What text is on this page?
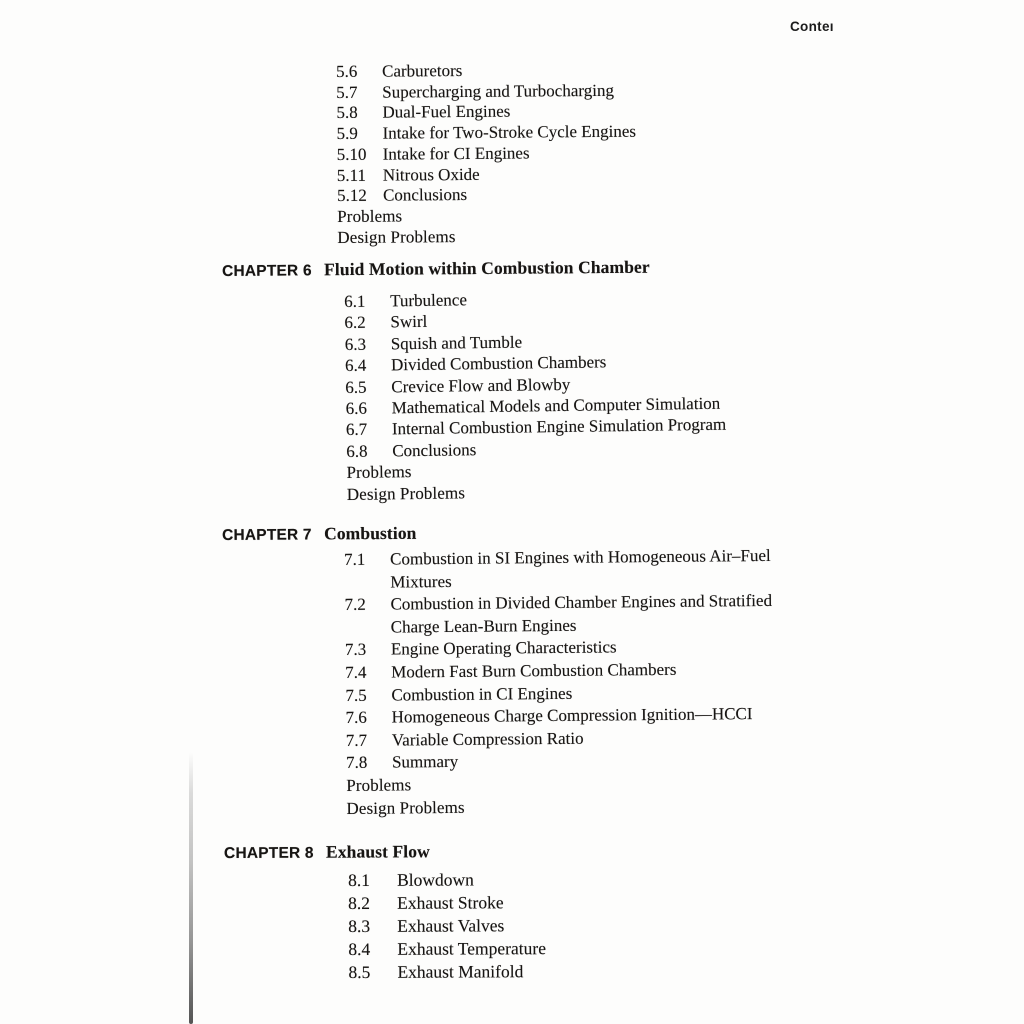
Conteı
5.6	Carburetors
5.7	Supercharging and Turbocharging
5.8	Dual-Fuel Engines
5.9	Intake for Two-Stroke Cycle Engines
5.10 Intake for CI Engines
5.11 Nitrous Oxide
5.12 Conclusions
Problems
Design Problems
CHAPTER 6 Fluid Motion within Combustion Chamber
6.1	Turbulence
6.2	Swirl
6.3	Squish and Tumble
6.4	Divided Combustion Chambers
6.5	Crevice Flow and Blowby
6.6	Mathematical Models and Computer Simulation
6.7	Internal Combustion Engine Simulation Program
6.8	Conclusions
Problems
Design Problems
CHAPTER 7 Combustion
7.1	Combustion in SI Engines with Homogeneous Air–Fuel Mixtures
7.2	Combustion in Divided Chamber Engines and Stratified Charge Lean-Burn Engines
7.3	Engine Operating Characteristics
7.4	Modern Fast Burn Combustion Chambers
7.5	Combustion in CI Engines
7.6	Homogeneous Charge Compression Ignition—HCCI
7.7	Variable Compression Ratio
7.8	Summary
Problems
Design Problems
CHAPTER 8 Exhaust Flow
8.1	Blowdown
8.2	Exhaust Stroke
8.3	Exhaust Valves
8.4	Exhaust Temperature
8.5	Exhaust Manifold
